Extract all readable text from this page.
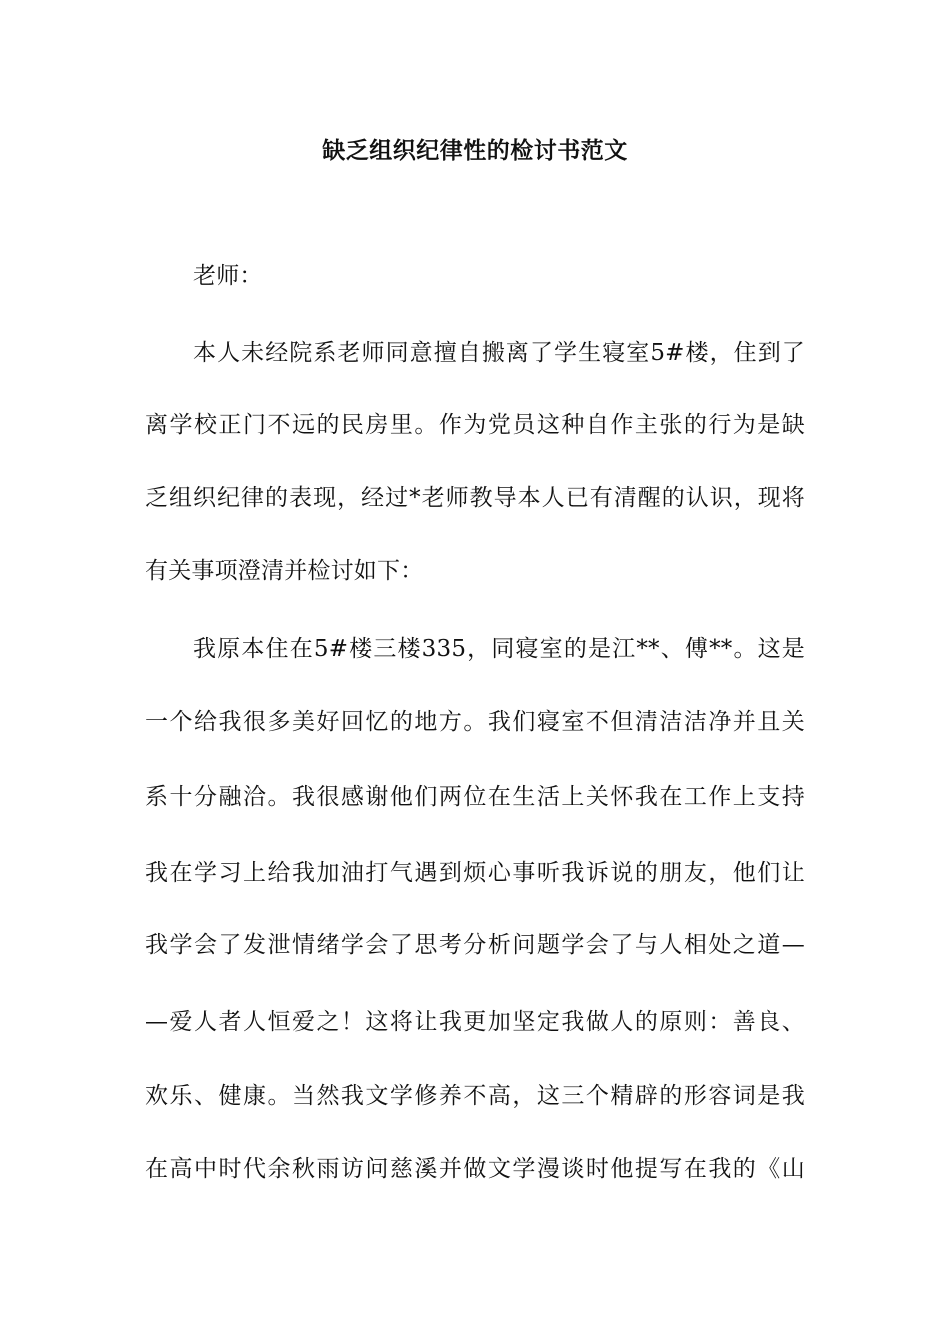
缺乏组织纪律性的检讨书范文
老师：
本人未经院系老师同意擅自搬离了学生寝室5#楼，住到了
离学校正门不远的民房里。作为党员这种自作主张的行为是缺
乏组织纪律的表现，经过*老师教导本人已有清醒的认识，现将
有关事项澄清并检讨如下：
我原本住在5#楼三楼335，同寝室的是江**、傅**。这是
一个给我很多美好回忆的地方。我们寝室不但清洁洁净并且关
系十分融洽。我很感谢他们两位在生活上关怀我在工作上支持
我在学习上给我加油打气遇到烦心事听我诉说的朋友，他们让
我学会了发泄情绪学会了思考分析问题学会了与人相处之道—
—爱人者人恒爱之！这将让我更加坚定我做人的原则：善良、
欢乐、健康。当然我文学修养不高，这三个精辟的形容词是我
在高中时代余秋雨访问慈溪并做文学漫谈时他提写在我的《山
